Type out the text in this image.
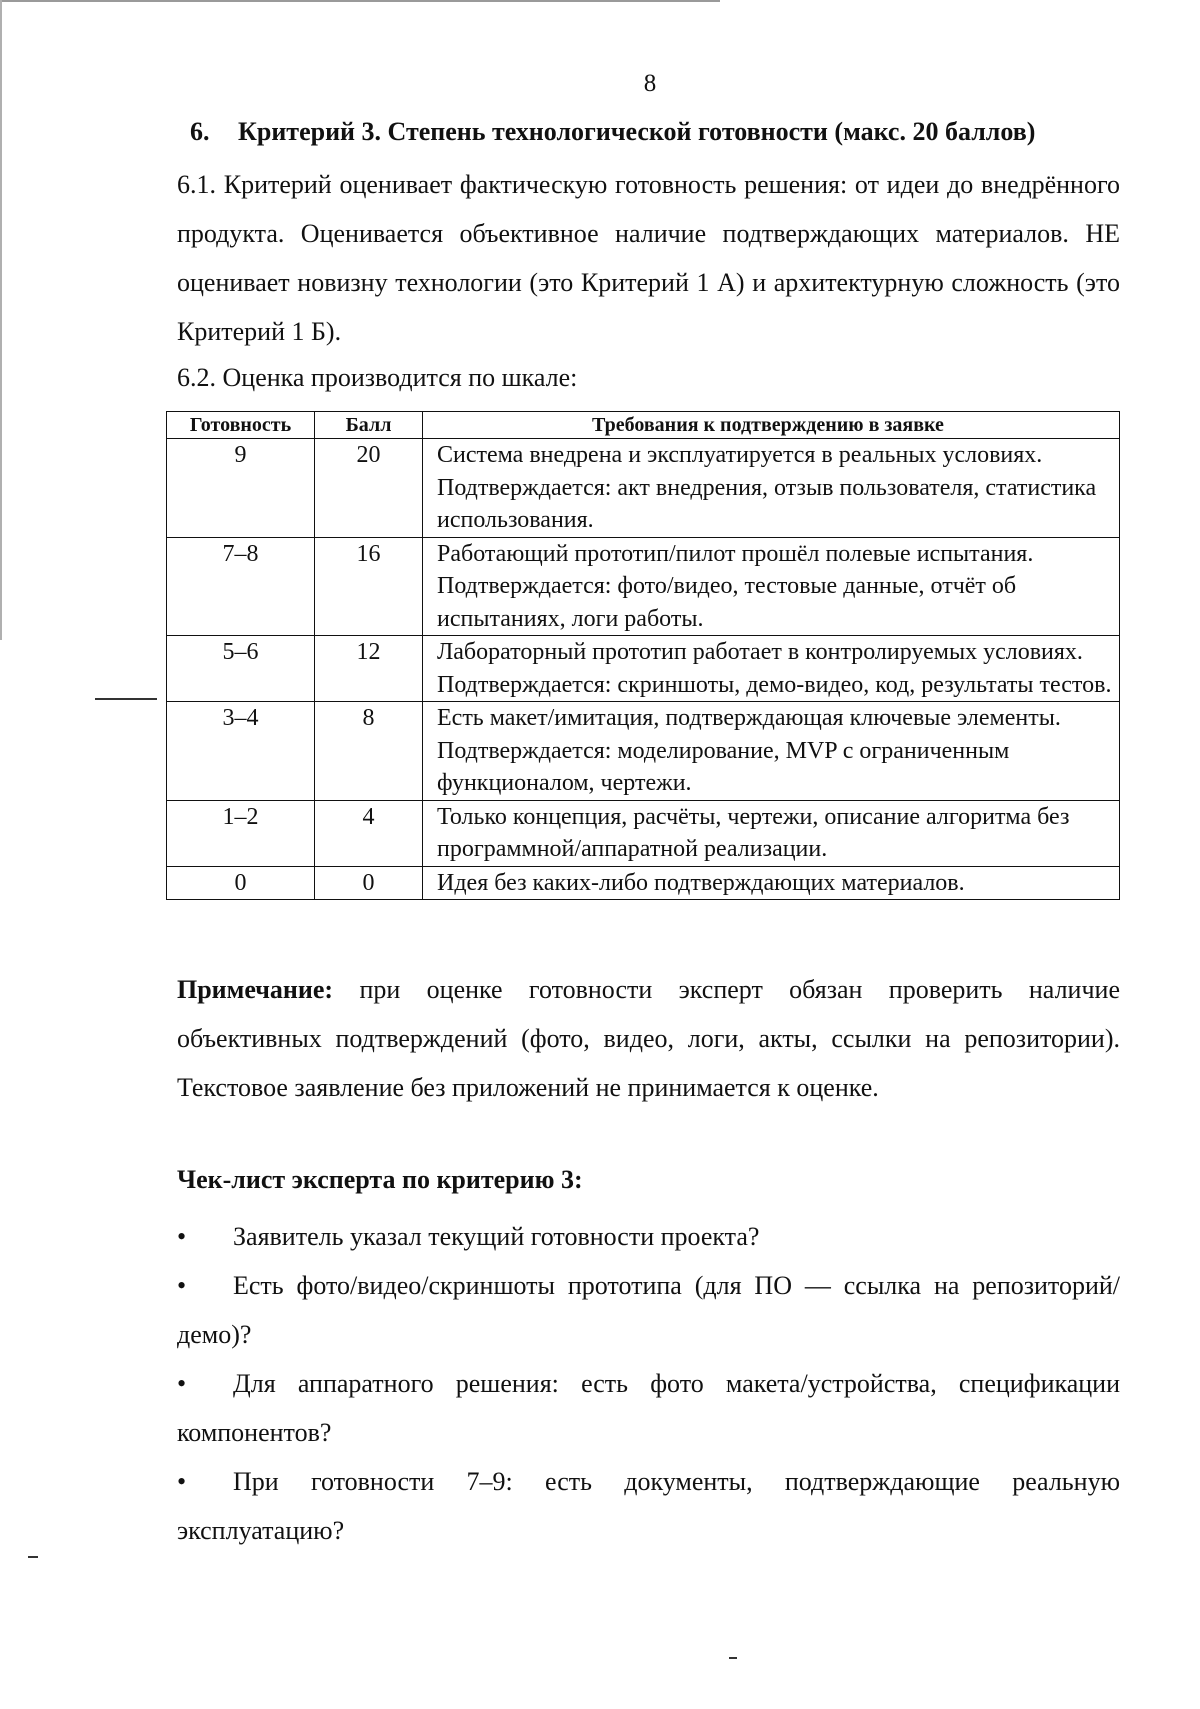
8
6. Критерий 3. Степень технологической готовности (макс. 20 баллов)
6.1. Критерий оценивает фактическую готовность решения: от идеи до внедрённого продукта. Оценивается объективное наличие подтверждающих материалов. НЕ оценивает новизну технологии (это Критерий 1 А) и архитектурную сложность (это Критерий 1 Б).
6.2. Оценка производится по шкале:
Готовность	Балл	Требования к подтверждению в заявке
9	20	Система внедрена и эксплуатируется в реальных условиях. Подтверждается: акт внедрения, отзыв пользователя, статистика использования.
7–8	16	Работающий прототип/пилот прошёл полевые испытания. Подтверждается: фото/видео, тестовые данные, отчёт об испытаниях, логи работы.
5–6	12	Лабораторный прототип работает в контролируемых условиях. Подтверждается: скриншоты, демо-видео, код, результаты тестов.
3–4	8	Есть макет/имитация, подтверждающая ключевые элементы. Подтверждается: моделирование, MVP с ограниченным функционалом, чертежи.
1–2	4	Только концепция, расчёты, чертежи, описание алгоритма без программной/аппаратной реализации.
0	0	Идея без каких-либо подтверждающих материалов.
Примечание: при оценке готовности эксперт обязан проверить наличие объективных подтверждений (фото, видео, логи, акты, ссылки на репозитории). Текстовое заявление без приложений не принимается к оценке.
Чек-лист эксперта по критерию 3:
•	Заявитель указал текущий готовности проекта?
•	Есть фото/видео/скриншоты прототипа (для ПО — ссылка на репозиторий/демо)?
•	Для аппаратного решения: есть фото макета/устройства, спецификации компонентов?
•	При готовности 7–9: есть документы, подтверждающие реальную эксплуатацию?
